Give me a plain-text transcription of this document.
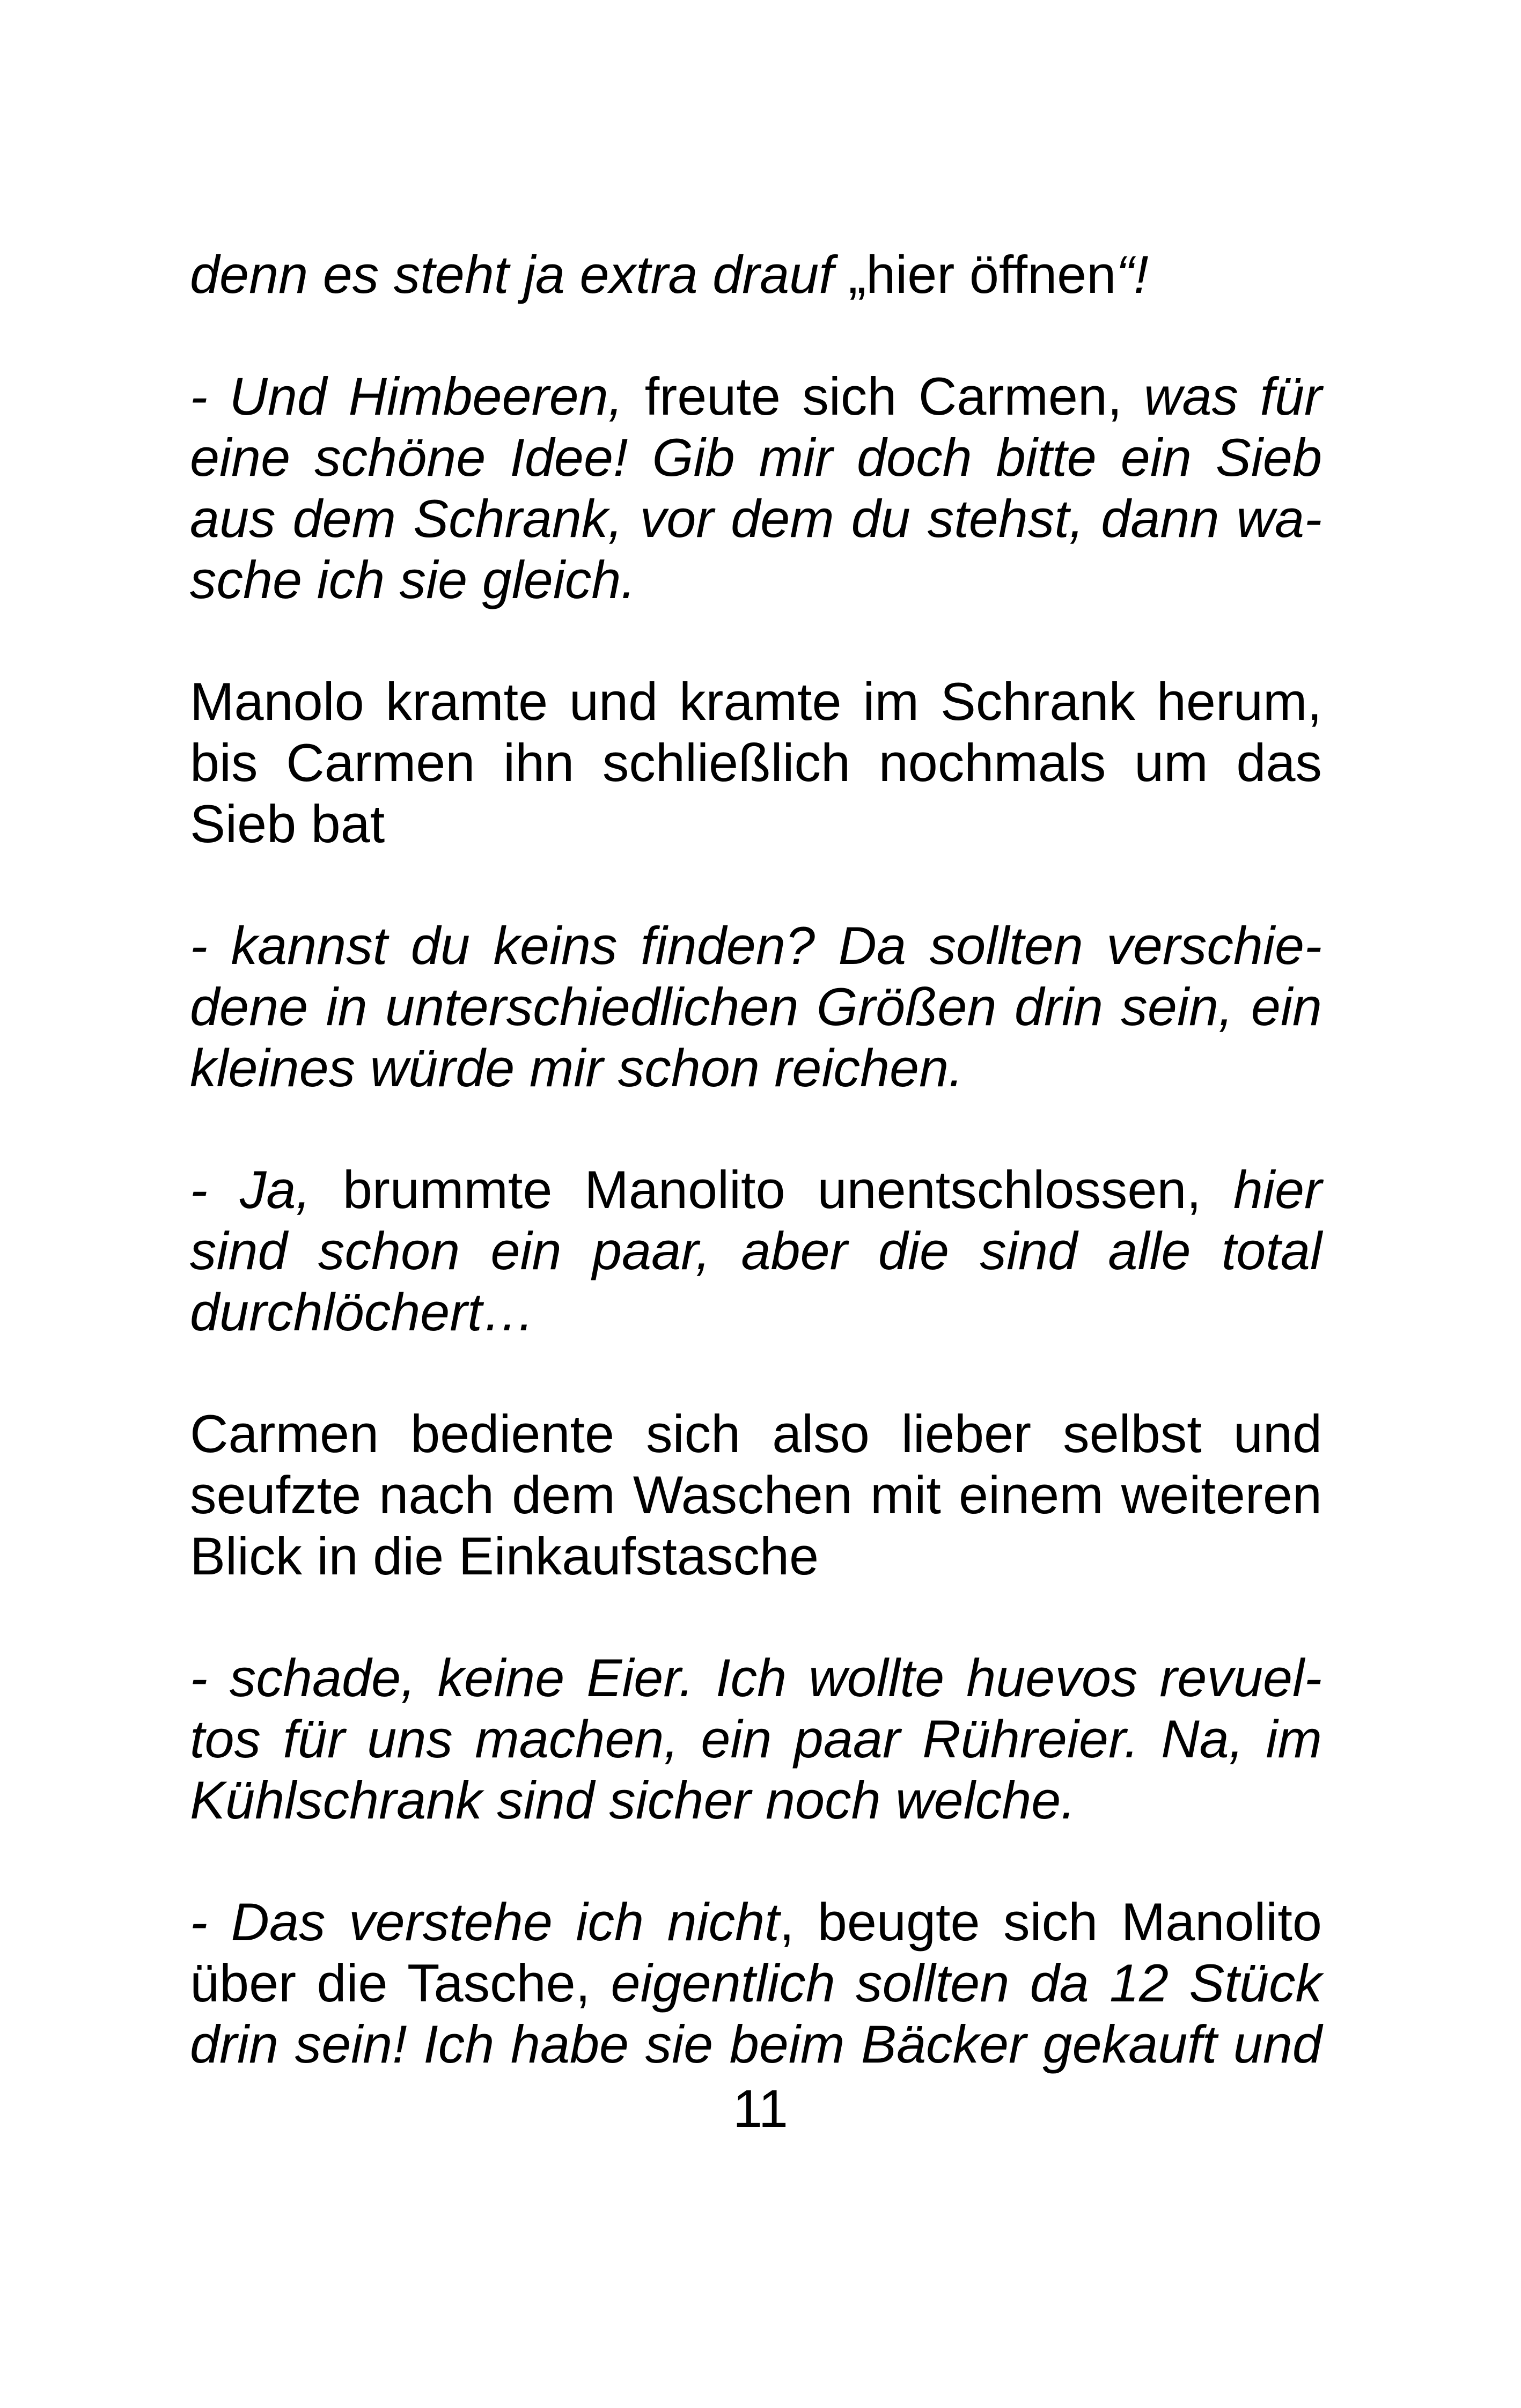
denn es steht ja extra drauf „hier öffnen“!

- Und Himbeeren, freute sich Carmen, was für
eine schöne Idee! Gib mir doch bitte ein Sieb
aus dem Schrank, vor dem du stehst, dann wa-
sche ich sie gleich.

Manolo kramte und kramte im Schrank herum,
bis Carmen ihn schließlich nochmals um das
Sieb bat

- kannst du keins finden? Da sollten verschie-
dene in unterschiedlichen Größen drin sein, ein
kleines würde mir schon reichen.

- Ja, brummte Manolito unentschlossen, hier
sind schon ein paar, aber die sind alle total
durchlöchert…

Carmen bediente sich also lieber selbst und
seufzte nach dem Waschen mit einem weiteren
Blick in die Einkaufstasche

- schade, keine Eier. Ich wollte huevos revuel-
tos für uns machen, ein paar Rühreier. Na, im
Kühlschrank sind sicher noch welche.

- Das verstehe ich nicht, beugte sich Manolito
über die Tasche, eigentlich sollten da 12 Stück
drin sein! Ich habe sie beim Bäcker gekauft und

11
